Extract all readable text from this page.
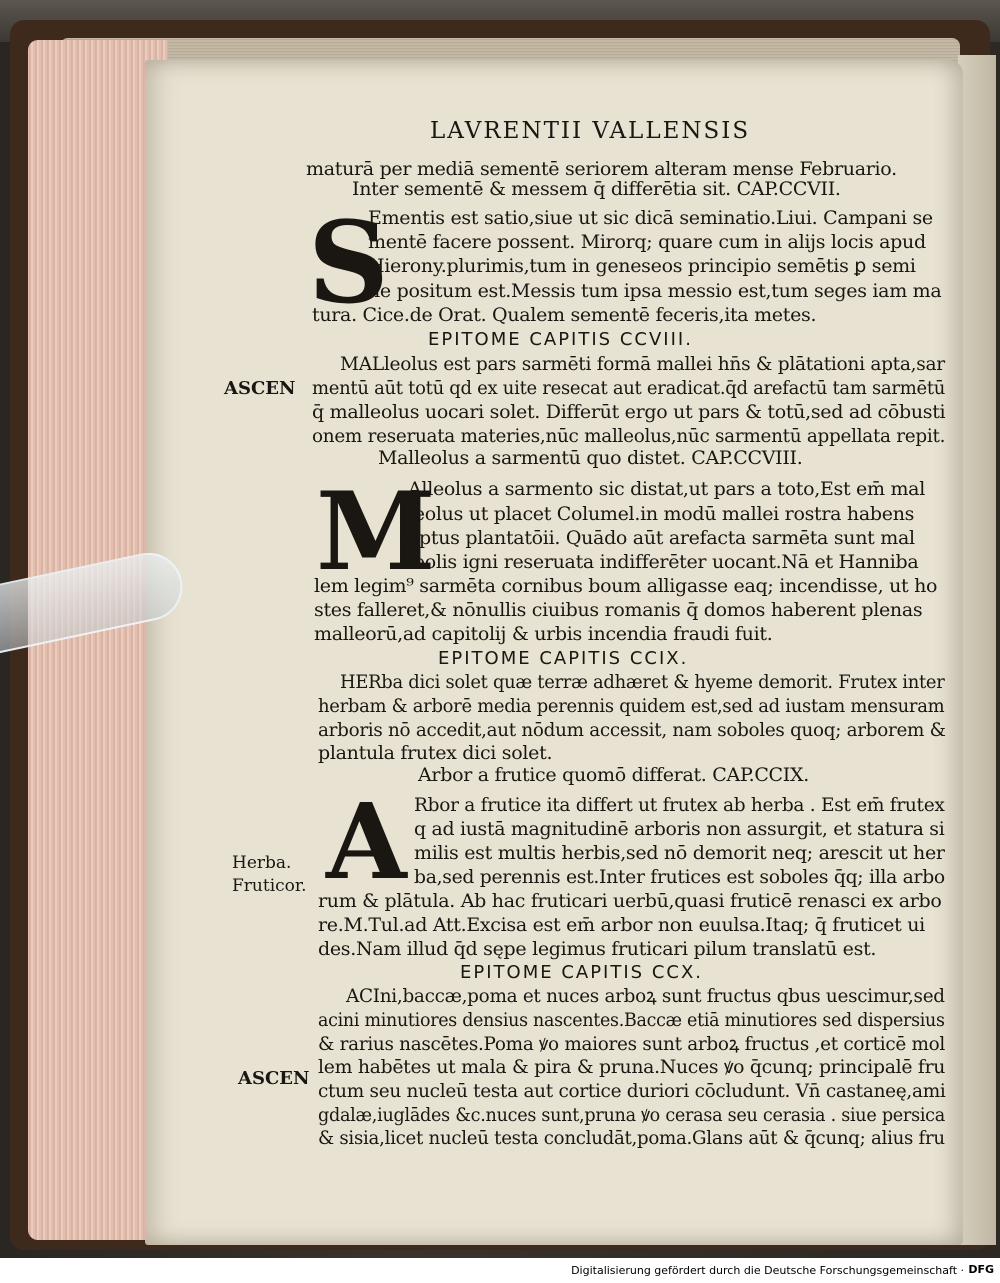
LAVRENTII VALLENSIS
maturā per mediā sementē seriorem alteram mense Februario.
Inter sementē & messem q̄ differētia sit. CAP.CCVII.
S
Ementis est satio,siue ut sic dicā seminatio.Liui. Campani se
mentē facere possent. Mirorq; quare cum in alijs locis apud
Hierony.plurimis,tum in geneseos principio semētis ꝑ semi
ne positum est.Messis tum ipsa messio est,tum seges iam ma
tura. Cice.de Orat. Qualem sementē feceris,ita metes.
EPITOME CAPITIS CCVIII.
MALleolus est pars sarmēti formā mallei hn̄s & plātationi apta,sar
ASCEN mentū aūt totū qd ex uite resecat aut eradicat.q̄d arefactū tam sarmētū
q̄ malleolus uocari solet. Differūt ergo ut pars & totū,sed ad cōbusti
onem reseruata materies,nūc malleolus,nūc sarmentū appellata repit.
Malleolus a sarmentū quo distet. CAP.CCVIII.
M
Alleolus a sarmento sic distat,ut pars a toto,Est em̄ mal
leolus ut placet Columel.in modū mallei rostra habens
aptus plantatōii. Quādo aūt arefacta sarmēta sunt mal
leolis igni reseruata indifferēter uocant.Nā et Hanniba
lem legim⁹ sarmēta cornibus boum alligasse eaq; incendisse, ut ho
stes falleret,& nōnullis ciuibus romanis q̄ domos haberent plenas
malleorū,ad capitolij & urbis incendia fraudi fuit.
EPITOME CAPITIS CCIX.
HERba dici solet quæ terræ adhæret & hyeme demorit. Frutex inter
herbam & arborē media perennis quidem est,sed ad iustam mensuram
arboris nō accedit,aut nōdum accessit, nam soboles quoq; arborem &
plantula frutex dici solet.
Arbor a frutice quomō differat. CAP.CCIX.
A Rbor a frutice ita differt ut frutex ab herba . Est em̄ frutex
q ad iustā magnitudinē arboris non assurgit, et statura si
milis est multis herbis,sed nō demorit neq; arescit ut her
Herba.
Fruticor.	ba,sed perennis est.Inter frutices est soboles q̄q; illa arbo
rum & plātula. Ab hac fruticari uerbū,quasi fruticē renasci ex arbo
re.M.Tul.ad Att.Excisa est em̄ arbor non euulsa.Itaq; q̄ fruticet ui
des.Nam illud q̄d sępe legimus fruticari pilum translatū est.
EPITOME CAPITIS CCX.
ACIni,baccæ,poma et nuces arboꝝ sunt fructus qbus uescimur,sed
acini minutiores densius nascentes.Baccæ etiā minutiores sed dispersius
& rarius nascētes.Poma ꝟo maiores sunt arboꝝ fructus ,et corticē mol
lem habētes ut mala & pira & pruna.Nuces ꝟo q̄cunq; principalē fru
ASCEN
ctum seu nucleū testa aut cortice duriori cōcludunt. Vn̄ castaneę,ami
gdalæ,iuglādes &c.nuces sunt,pruna ꝟo cerasa seu cerasia . siue persica
& sisia,licet nucleū testa concludāt,poma.Glans aūt & q̄cunq; alius fru
Digitalisierung gefördert durch die Deutsche Forschungsgemeinschaft · DFG
